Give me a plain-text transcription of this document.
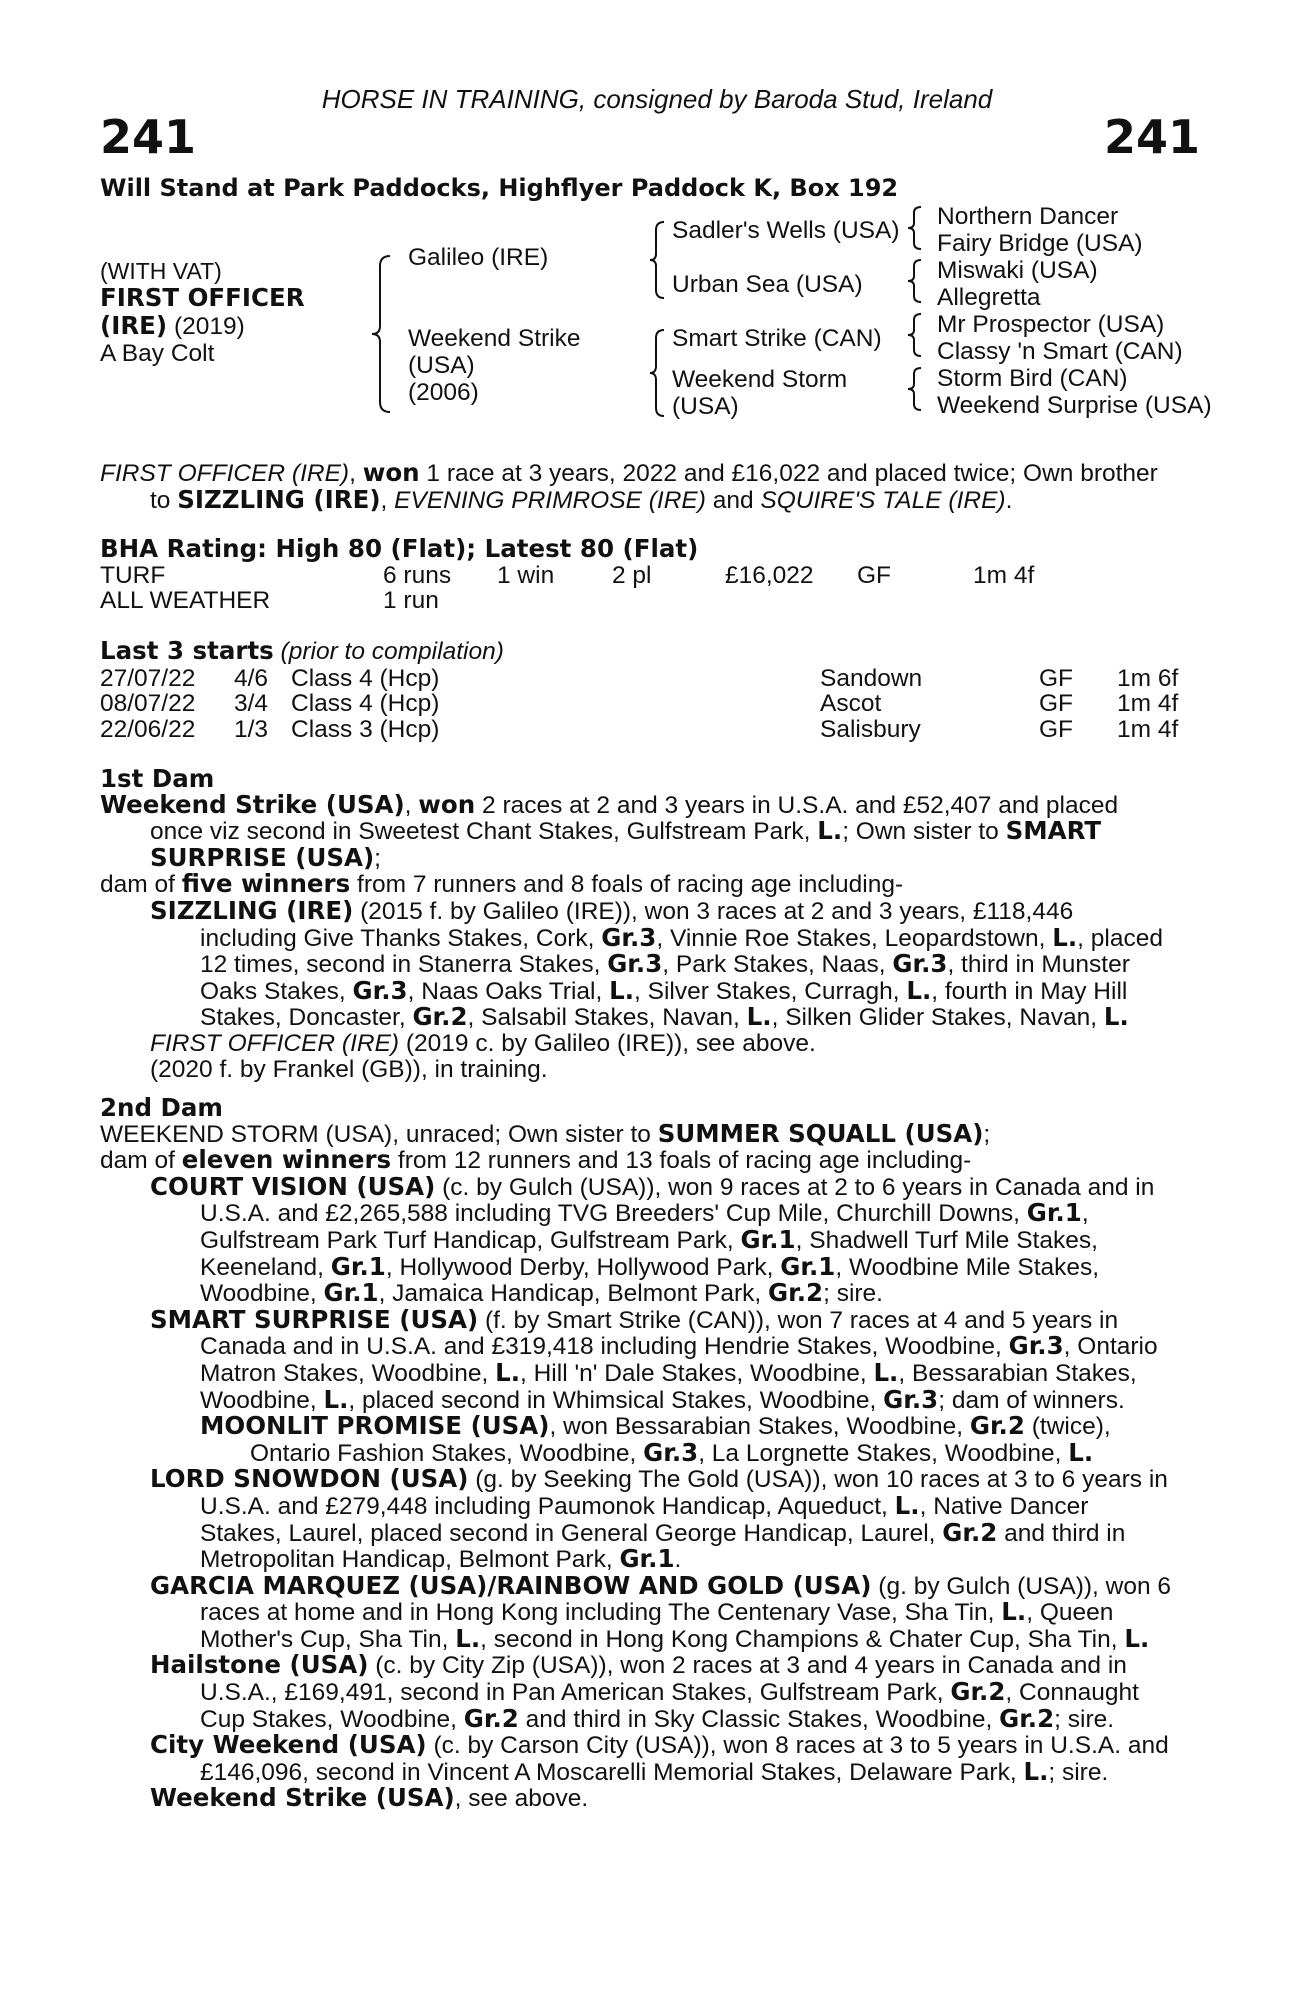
HORSE IN TRAINING, consigned by Baroda Stud, Ireland
241	241
Will Stand at Park Paddocks, Highflyer Paddock K, Box 192
(WITH VAT)
FIRST OFFICER
(IRE) (2019)
A Bay Colt
Galileo (IRE)
Weekend Strike
(USA)
(2006)
Sadler's Wells (USA)
Urban Sea (USA)
Smart Strike (CAN)
Weekend Storm
(USA)
Northern Dancer
Fairy Bridge (USA)
Miswaki (USA)
Allegretta
Mr Prospector (USA)
Classy 'n Smart (CAN)
Storm Bird (CAN)
Weekend Surprise (USA)
FIRST OFFICER (IRE), won 1 race at 3 years, 2022 and £16,022 and placed twice; Own brother
to SIZZLING (IRE), EVENING PRIMROSE (IRE) and SQUIRE'S TALE (IRE).
BHA Rating: High 80 (Flat); Latest 80 (Flat)
TURF	6 runs 1 win 2 pl	£16,022 GF	1m 4f
ALL WEATHER	1 run
Last 3 starts (prior to compilation)
27/07/22 4/6 Class 4 (Hcp)	Sandown	GF 1m 6f
08/07/22 3/4 Class 4 (Hcp)	Ascot	GF 1m 4f
22/06/22 1/3 Class 3 (Hcp)	Salisbury	GF 1m 4f
1st Dam
Weekend Strike (USA), won 2 races at 2 and 3 years in U.S.A. and £52,407 and placed
once viz second in Sweetest Chant Stakes, Gulfstream Park, L.; Own sister to SMART
SURPRISE (USA);
dam of five winners from 7 runners and 8 foals of racing age including-
SIZZLING (IRE) (2015 f. by Galileo (IRE)), won 3 races at 2 and 3 years, £118,446
including Give Thanks Stakes, Cork, Gr.3, Vinnie Roe Stakes, Leopardstown, L., placed
12 times, second in Stanerra Stakes, Gr.3, Park Stakes, Naas, Gr.3, third in Munster
Oaks Stakes, Gr.3, Naas Oaks Trial, L., Silver Stakes, Curragh, L., fourth in May Hill
Stakes, Doncaster, Gr.2, Salsabil Stakes, Navan, L., Silken Glider Stakes, Navan, L.
FIRST OFFICER (IRE) (2019 c. by Galileo (IRE)), see above.
(2020 f. by Frankel (GB)), in training.
2nd Dam
WEEKEND STORM (USA), unraced; Own sister to SUMMER SQUALL (USA);
dam of eleven winners from 12 runners and 13 foals of racing age including-
COURT VISION (USA) (c. by Gulch (USA)), won 9 races at 2 to 6 years in Canada and in
U.S.A. and £2,265,588 including TVG Breeders' Cup Mile, Churchill Downs, Gr.1,
Gulfstream Park Turf Handicap, Gulfstream Park, Gr.1, Shadwell Turf Mile Stakes,
Keeneland, Gr.1, Hollywood Derby, Hollywood Park, Gr.1, Woodbine Mile Stakes,
Woodbine, Gr.1, Jamaica Handicap, Belmont Park, Gr.2; sire.
SMART SURPRISE (USA) (f. by Smart Strike (CAN)), won 7 races at 4 and 5 years in
Canada and in U.S.A. and £319,418 including Hendrie Stakes, Woodbine, Gr.3, Ontario
Matron Stakes, Woodbine, L., Hill 'n' Dale Stakes, Woodbine, L., Bessarabian Stakes,
Woodbine, L., placed second in Whimsical Stakes, Woodbine, Gr.3; dam of winners.
MOONLIT PROMISE (USA), won Bessarabian Stakes, Woodbine, Gr.2 (twice),
Ontario Fashion Stakes, Woodbine, Gr.3, La Lorgnette Stakes, Woodbine, L.
LORD SNOWDON (USA) (g. by Seeking The Gold (USA)), won 10 races at 3 to 6 years in
U.S.A. and £279,448 including Paumonok Handicap, Aqueduct, L., Native Dancer
Stakes, Laurel, placed second in General George Handicap, Laurel, Gr.2 and third in
Metropolitan Handicap, Belmont Park, Gr.1.
GARCIA MARQUEZ (USA)/RAINBOW AND GOLD (USA) (g. by Gulch (USA)), won 6
races at home and in Hong Kong including The Centenary Vase, Sha Tin, L., Queen
Mother's Cup, Sha Tin, L., second in Hong Kong Champions & Chater Cup, Sha Tin, L.
Hailstone (USA) (c. by City Zip (USA)), won 2 races at 3 and 4 years in Canada and in
U.S.A., £169,491, second in Pan American Stakes, Gulfstream Park, Gr.2, Connaught
Cup Stakes, Woodbine, Gr.2 and third in Sky Classic Stakes, Woodbine, Gr.2; sire.
City Weekend (USA) (c. by Carson City (USA)), won 8 races at 3 to 5 years in U.S.A. and
£146,096, second in Vincent A Moscarelli Memorial Stakes, Delaware Park, L.; sire.
Weekend Strike (USA), see above.
